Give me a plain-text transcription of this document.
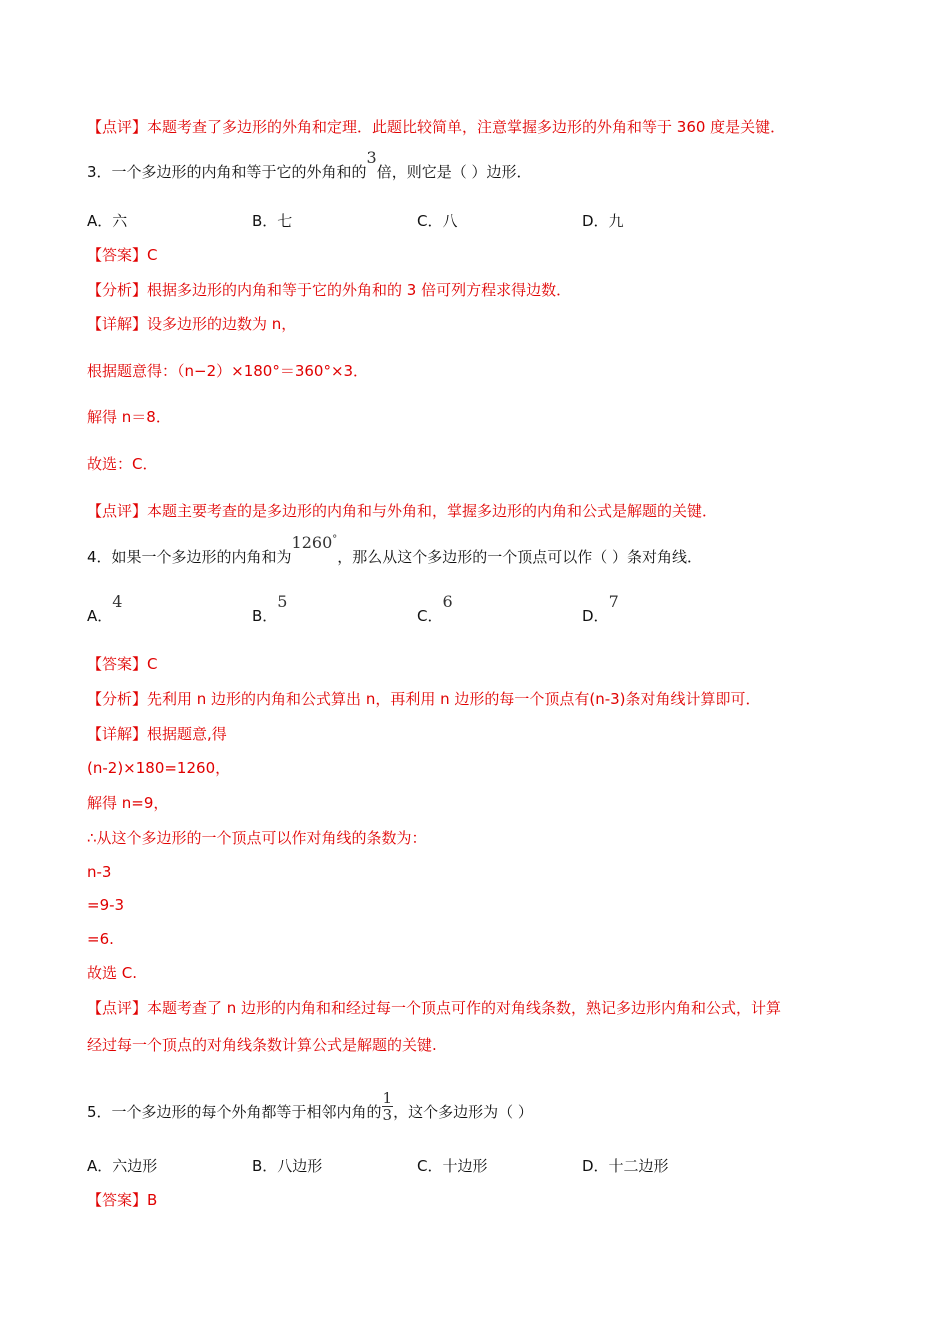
【点评】本题考查了多边形的外角和定理．此题比较简单，注意掌握多边形的外角和等于 360 度是关键．
3．一个多边形的内角和等于它的外角和的3倍，则它是（ ）边形．
A．六	B．七	C．八	D．九
【答案】C
【分析】根据多边形的内角和等于它的外角和的 3 倍可列方程求得边数．
【详解】设多边形的边数为 n，
根据题意得：（n−2）×180°＝360°×3．
解得 n＝8．
故选：C．
【点评】本题主要考查的是多边形的内角和与外角和，掌握多边形的内角和公式是解题的关键．
4．如果一个多边形的内角和为1260°，那么从这个多边形的一个顶点可以作（ ）条对角线．
A．4
B．5
C．6
D．7
【答案】C
【分析】先利用 n 边形的内角和公式算出 n，再利用 n 边形的每一个顶点有(n-3)条对角线计算即可．
【详解】根据题意,得
(n-2)×180=1260，
解得 n=9，
∴从这个多边形的一个顶点可以作对角线的条数为：
n-3
=9-3
=6.
故选 C.
【点评】本题考查了 n 边形的内角和和经过每一个顶点可作的对角线条数，熟记多边形内角和公式，计算
经过每一个顶点的对角线条数计算公式是解题的关键.
5．一个多边形的每个外角都等于相邻内角的 $\frac{1}{3}$ ，这个多边形为（ ）
A．六边形	B．八边形	C．十边形	D．十二边形
【答案】B
